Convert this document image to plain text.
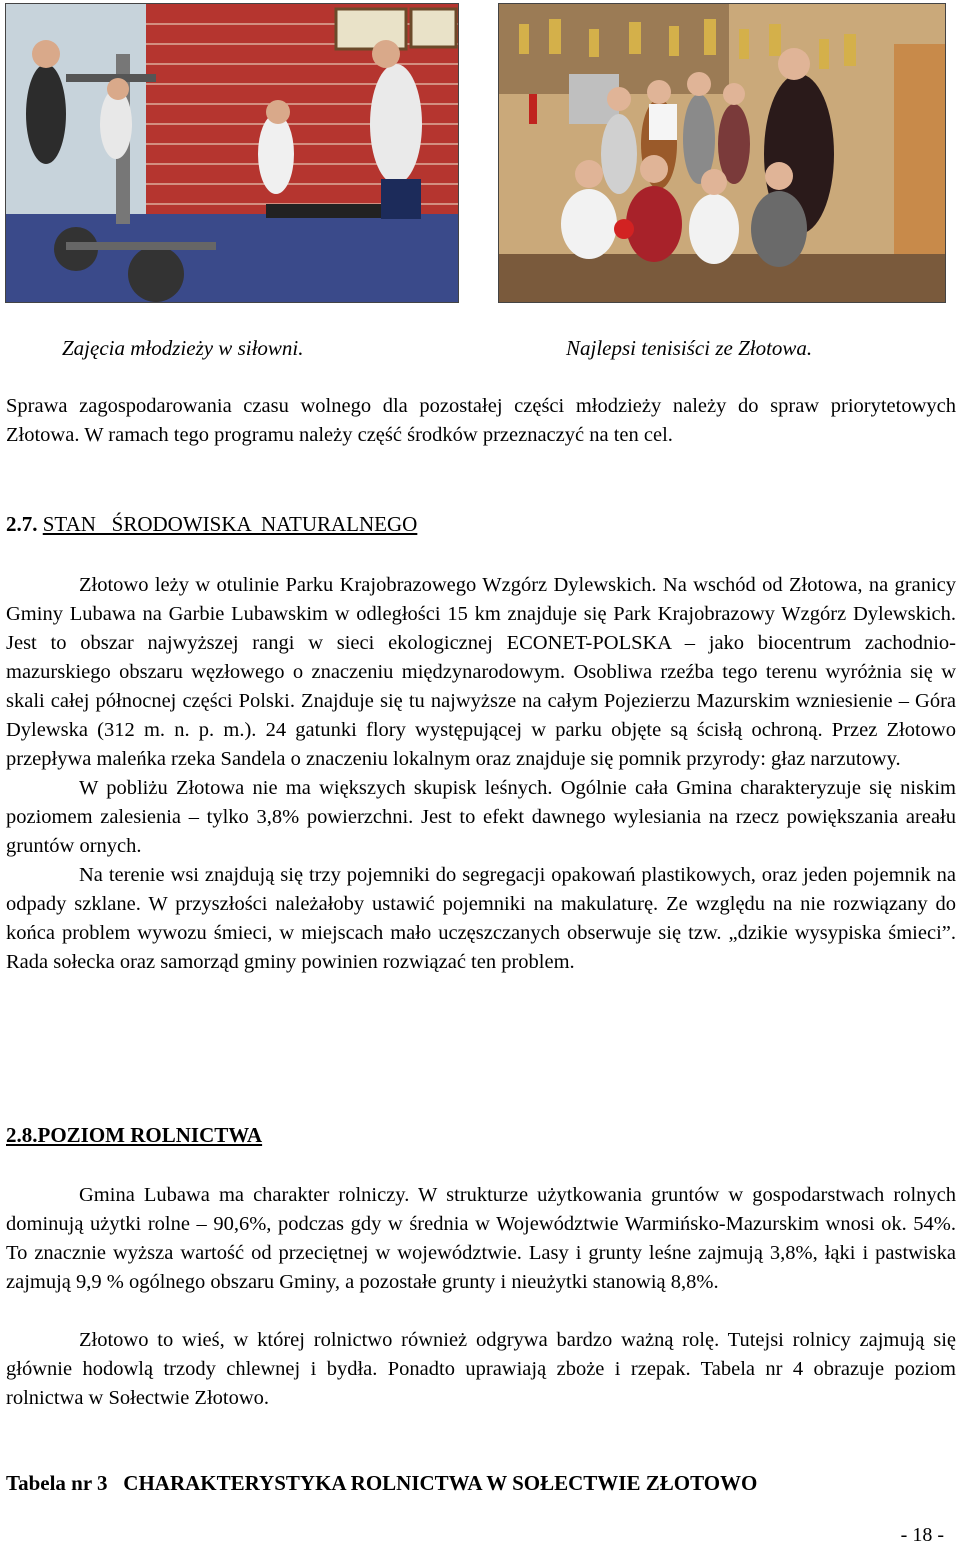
Zajęcia młodzieży w siłowni.	Najlepsi tenisiści ze Złotowa.

Sprawa zagospodarowania czasu wolnego dla pozostałej części młodzieży należy do spraw priorytetowych Złotowa. W ramach tego programu należy część środków przeznaczyć na ten cel.

2.7. STAN   ŚRODOWISKA  NATURALNEGO

Złotowo leży w otulinie Parku Krajobrazowego Wzgórz Dylewskich. Na wschód od Złotowa, na granicy Gminy Lubawa na Garbie Lubawskim w odległości 15 km znajduje się Park Krajobrazowy Wzgórz Dylewskich. Jest to obszar najwyższej rangi w sieci ekologicznej ECONET-POLSKA – jako biocentrum zachodnio-mazurskiego obszaru węzłowego o znaczeniu międzynarodowym. Osobliwa rzeźba tego terenu wyróżnia się w skali całej północnej części Polski. Znajduje się tu najwyższe na całym Pojezierzu Mazurskim wzniesienie – Góra Dylewska (312 m. n. p. m.). 24 gatunki flory występującej w parku objęte są ścisłą ochroną. Przez Złotowo przepływa maleńka rzeka Sandela o znaczeniu lokalnym oraz znajduje się pomnik przyrody: głaz narzutowy.

W pobliżu Złotowa nie ma większych skupisk leśnych. Ogólnie cała Gmina charakteryzuje się niskim poziomem zalesienia – tylko 3,8% powierzchni. Jest to efekt dawnego wylesiania na rzecz powiększania areału gruntów ornych.

Na terenie wsi znajdują się trzy pojemniki do segregacji opakowań plastikowych, oraz jeden pojemnik na odpady szklane. W przyszłości należałoby ustawić pojemniki na makulaturę. Ze względu na nie rozwiązany do końca problem wywozu śmieci, w miejscach mało uczęszczanych obserwuje się tzw. „dzikie wysypiska śmieci”. Rada sołecka oraz samorząd gminy powinien rozwiązać ten problem.

2.8.POZIOM ROLNICTWA

Gmina Lubawa ma charakter rolniczy. W strukturze użytkowania gruntów w gospodarstwach rolnych dominują użytki rolne – 90,6%, podczas gdy w średnia w Województwie Warmińsko-Mazurskim wnosi ok. 54%. To znacznie wyższa wartość od przeciętnej w województwie. Lasy i grunty leśne zajmują 3,8%, łąki i pastwiska zajmują 9,9 % ogólnego obszaru Gminy, a pozostałe grunty i nieużytki stanowią 8,8%.

Złotowo to wieś, w której rolnictwo również odgrywa bardzo ważną rolę. Tutejsi rolnicy zajmują się głównie hodowlą trzody chlewnej i bydła. Ponadto uprawiają zboże i rzepak. Tabela nr 4 obrazuje poziom rolnictwa w Sołectwie Złotowo.

Tabela nr 3   CHARAKTERYSTYKA ROLNICTWA W SOŁECTWIE ZŁOTOWO
- 18 -
